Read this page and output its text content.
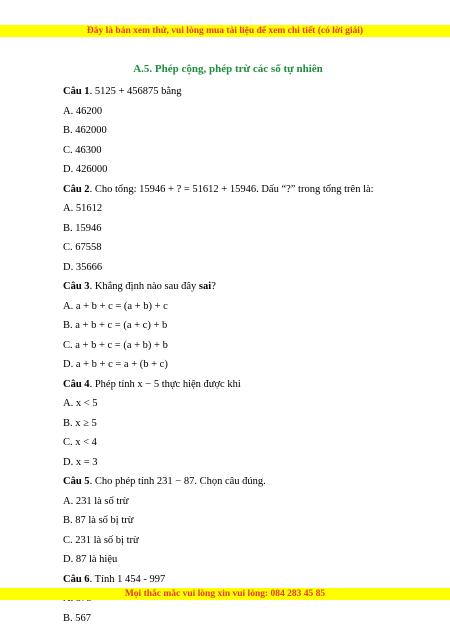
Đây là bản xem thử, vui lòng mua tài liệu để xem chi tiết (có lời giải)
A.5. Phép cộng, phép trừ các số tự nhiên
Câu 1. 5125 + 456875 bằng
A. 46200
B. 462000
C. 46300
D. 426000
Câu 2. Cho tổng: 15946 + ? = 51612 + 15946. Dấu “?” trong tổng trên là:
A. 51612
B. 15946
C. 67558
D. 35666
Câu 3. Khẳng định nào sau đây sai?
A. a + b + c = (a + b) + c
B. a + b + c = (a + c) + b
C. a + b + c = (a + b) + b
D. a + b + c = a + (b + c)
Câu 4. Phép tính x − 5 thực hiện được khi
A. x < 5
B. x ≥ 5
C. x < 4
D. x = 3
Câu 5. Cho phép tính 231 − 87. Chọn câu đúng.
A. 231 là số trừ
B. 87 là số bị trừ
C. 231 là số bị trừ
D. 87 là hiệu
Câu 6. Tính 1 454 - 997
B. 567
Mọi thắc mắc vui lòng xin vui lòng: 084 283 45 85
